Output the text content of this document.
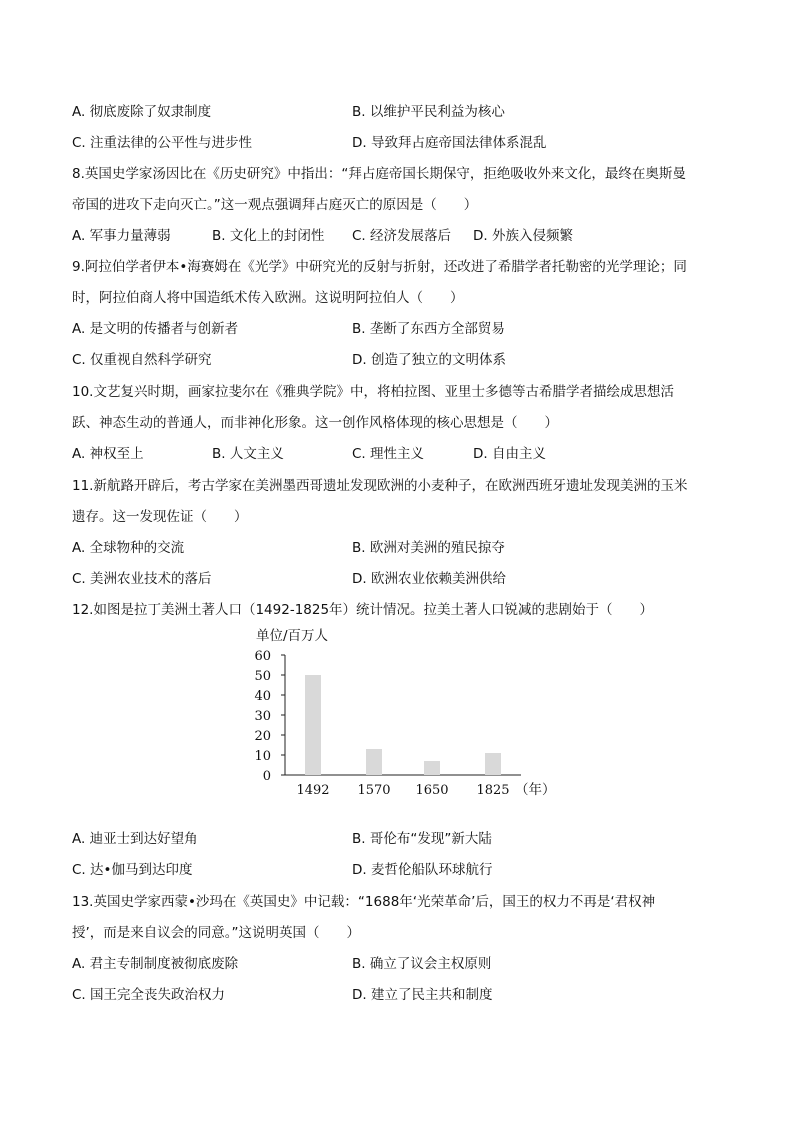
A. 彻底废除了奴隶制度	B. 以维护平民利益为核心
C. 注重法律的公平性与进步性	D. 导致拜占庭帝国法律体系混乱
8.英国史学家汤因比在《历史研究》中指出：“拜占庭帝国长期保守，拒绝吸收外来文化，最终在奥斯曼
帝国的进攻下走向灭亡。”这一观点强调拜占庭灭亡的原因是（　　）
A. 军事力量薄弱	B. 文化上的封闭性 C. 经济发展落后 D. 外族入侵频繁
9.阿拉伯学者伊本•海赛姆在《光学》中研究光的反射与折射，还改进了希腊学者托勒密的光学理论；同
时，阿拉伯商人将中国造纸术传入欧洲。这说明阿拉伯人（　　）
A. 是文明的传播者与创新者	B. 垄断了东西方全部贸易
C. 仅重视自然科学研究	D. 创造了独立的文明体系
10.文艺复兴时期，画家拉斐尔在《雅典学院》中，将柏拉图、亚里士多德等古希腊学者描绘成思想活
跃、神态生动的普通人，而非神化形象。这一创作风格体现的核心思想是（　　）
A. 神权至上	B. 人文主义	C. 理性主义	D. 自由主义
11.新航路开辟后，考古学家在美洲墨西哥遗址发现欧洲的小麦种子，在欧洲西班牙遗址发现美洲的玉米
遗存。这一发现佐证（　　）
A. 全球物种的交流	B. 欧洲对美洲的殖民掠夺
C. 美洲农业技术的落后	D. 欧洲农业依赖美洲供给
12.如图是拉丁美洲土著人口（1492-1825年）统计情况。拉美土著人口锐减的悲剧始于（　　）
单位/百万人
0
10
20
30
40
50
60
1492 1570 1650 1825 （年）
A. 迪亚士到达好望角	B. 哥伦布“发现”新大陆
C. 达•伽马到达印度	D. 麦哲伦船队环球航行
13.英国史学家西蒙•沙玛在《英国史》中记载：“1688年‘光荣革命’后，国王的权力不再是‘君权神
授’，而是来自议会的同意。”这说明英国（　　）
A. 君主专制制度被彻底废除	B. 确立了议会主权原则
C. 国王完全丧失政治权力	D. 建立了民主共和制度
